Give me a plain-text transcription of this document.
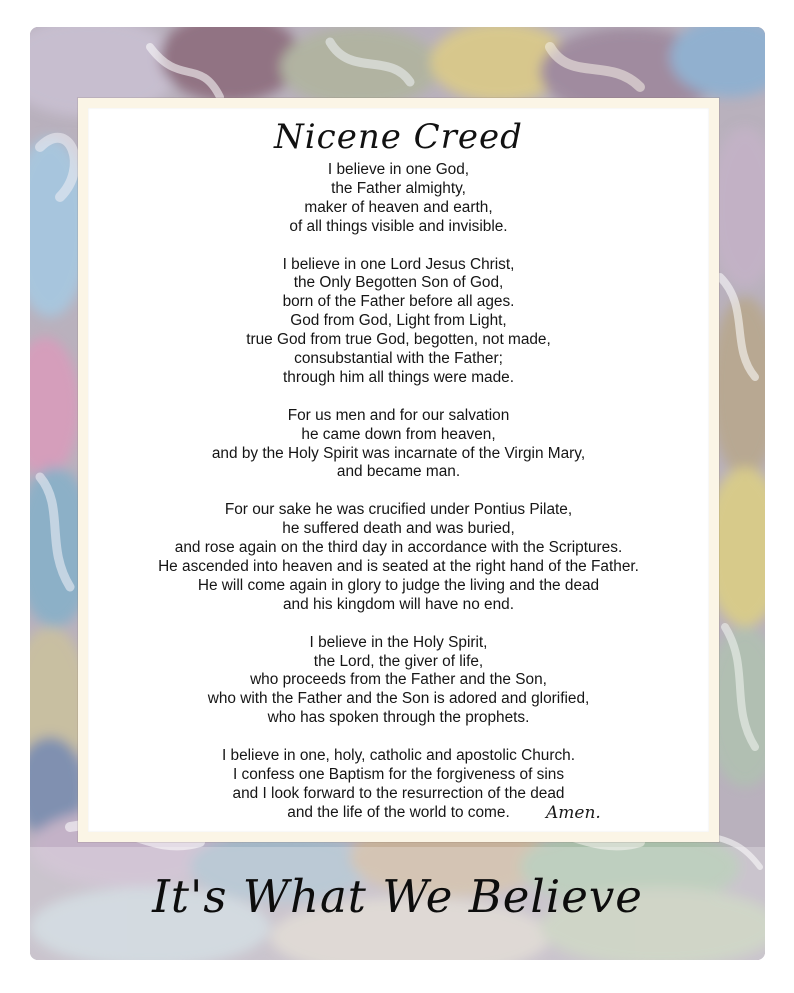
Nicene Creed

I believe in one God,
the Father almighty,
maker of heaven and earth,
of all things visible and invisible.

I believe in one Lord Jesus Christ,
the Only Begotten Son of God,
born of the Father before all ages.
God from God, Light from Light,
true God from true God, begotten, not made,
consubstantial with the Father;
through him all things were made.

For us men and for our salvation
he came down from heaven,
and by the Holy Spirit was incarnate of the Virgin Mary,
and became man.

For our sake he was crucified under Pontius Pilate,
he suffered death and was buried,
and rose again on the third day in accordance with the Scriptures.
He ascended into heaven and is seated at the right hand of the Father.
He will come again in glory to judge the living and the dead
and his kingdom will have no end.

I believe in the Holy Spirit,
the Lord, the giver of life,
who proceeds from the Father and the Son,
who with the Father and the Son is adored and glorified,
who has spoken through the prophets.

I believe in one, holy, catholic and apostolic Church.
I confess one Baptism for the forgiveness of sins
and I look forward to the resurrection of the dead
and the life of the world to come.	Amen.
It's What We Believe
